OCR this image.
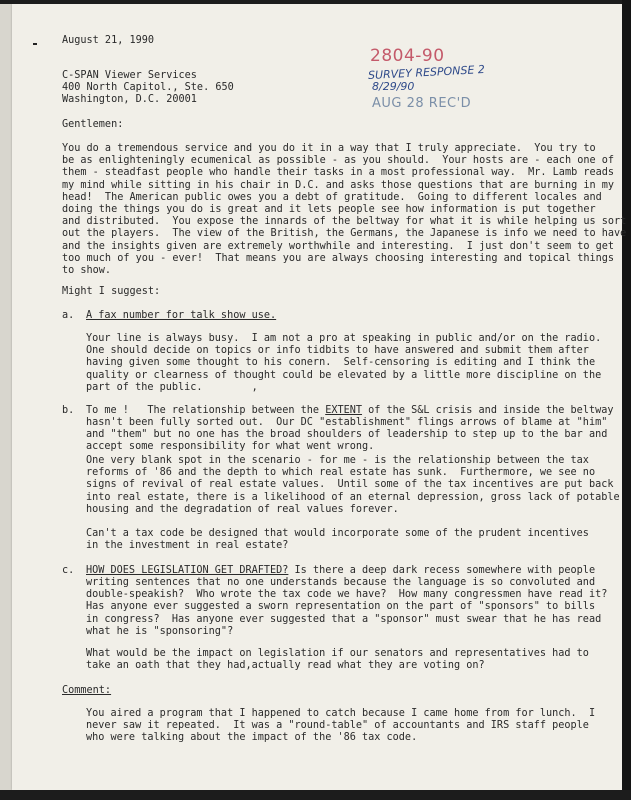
August 21, 1990

C-SPAN Viewer Services
400 North Capitol., Ste. 650
Washington, D.C. 20001

2804-90

SURVEY RESPONSE 2

8/29/90

AUG 28 REC'D

Gentlemen:

You do a tremendous service and you do it in a way that I truly appreciate.  You try to
be as enlighteningly ecumenical as possible - as you should.  Your hosts are - each one of
them - steadfast people who handle their tasks in a most professional way.  Mr. Lamb reads
my mind while sitting in his chair in D.C. and asks those questions that are burning in my
head!  The American public owes you a debt of gratitude.  Going to different locales and
doing the things you do is great and it lets people see how information is put together
and distributed.  You expose the innards of the beltway for what it is while helping us sort
out the players.  The view of the British, the Germans, the Japanese is info we need to have
and the insights given are extremely worthwhile and interesting.  I just don't seem to get
too much of you - ever!  That means you are always choosing interesting and topical things
to show.

Might I suggest:

a. A fax number for talk show use.

Your line is always busy.  I am not a pro at speaking in public and/or on the radio.
One should decide on topics or info tidbits to have answered and submit them after
having given some thought to his conern.  Self-censoring is editing and I think the
quality or clearness of thought could be elevated by a little more discipline on the
part of the public.        ,

b. To me !   The relationship between the EXTENT of the S&L crisis and inside the beltway

hasn't been fully sorted out.  Our DC "establishment" flings arrows of blame at "him"
and "them" but no one has the broad shoulders of leadership to step up to the bar and
accept some responsibility for what went wrong.
One very blank spot in the scenario - for me - is the relationship between the tax
reforms of '86 and the depth to which real estate has sunk.  Furthermore, we see no
signs of revival of real estate values.  Until some of the tax incentives are put back
into real estate, there is a likelihood of an eternal depression, gross lack of potable
housing and the degradation of real values forever.
Can't a tax code be designed that would incorporate some of the prudent incentives
in the investment in real estate?

c. HOW DOES LEGISLATION GET DRAFTED? Is there a deep dark recess somewhere with people

writing sentences that no one understands because the language is so convoluted and
double-speakish?  Who wrote the tax code we have?  How many congressmen have read it?
Has anyone ever suggested a sworn representation on the part of "sponsors" to bills
in congress?  Has anyone ever suggested that a "sponsor" must swear that he has read
what he is "sponsoring"?
What would be the impact on legislation if our senators and representatives had to
take an oath that they had,actually read what they are voting on?

Comment:

You aired a program that I happened to catch because I came home from for lunch.  I
never saw it repeated.  It was a "round-table" of accountants and IRS staff people
who were talking about the impact of the '86 tax code.
